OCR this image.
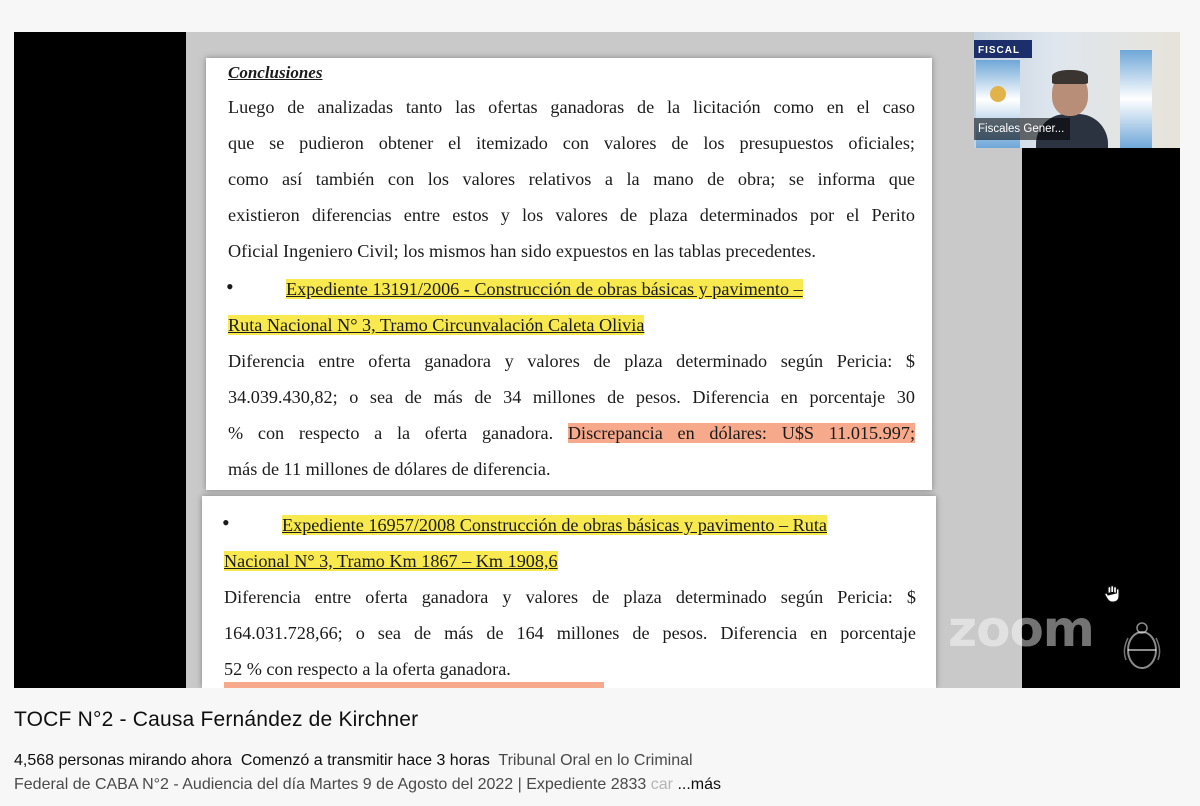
Conclusiones
Luego de analizadas tanto las ofertas ganadoras de la licitación como en el caso
que se pudieron obtener el itemizado con valores de los presupuestos oficiales;
como así también con los valores relativos a la mano de obra; se informa que
existieron diferencias entre estos y los valores de plaza determinados por el Perito
Oficial Ingeniero Civil; los mismos han sido expuestos en las tablas precedentes.
•	Expediente 13191/2006 - Construcción de obras básicas y pavimento –
Ruta Nacional N° 3, Tramo Circunvalación Caleta Olivia
Diferencia entre oferta ganadora y valores de plaza determinado según Pericia: $
34.039.430,82; o sea de más de 34 millones de pesos. Diferencia en porcentaje 30
% con respecto a la oferta ganadora. Discrepancia en dólares: U$S 11.015.997;
más de 11 millones de dólares de diferencia.
•	Expediente 16957/2008 Construcción de obras básicas y pavimento – Ruta
Nacional N° 3, Tramo Km 1867 – Km 1908,6
Diferencia entre oferta ganadora y valores de plaza determinado según Pericia: $
164.031.728,66; o sea de más de 164 millones de pesos. Diferencia en porcentaje
52 % con respecto a la oferta ganadora.
FISCAL
Fiscales Gener...
zoom
TOCF N°2 - Causa Fernández de Kirchner
4,568 personas mirando ahora Comenzó a transmitir hace 3 horas Tribunal Oral en lo Criminal
Federal de CABA N°2 - Audiencia del día Martes 9 de Agosto del 2022 | Expediente 2833 car ...más
